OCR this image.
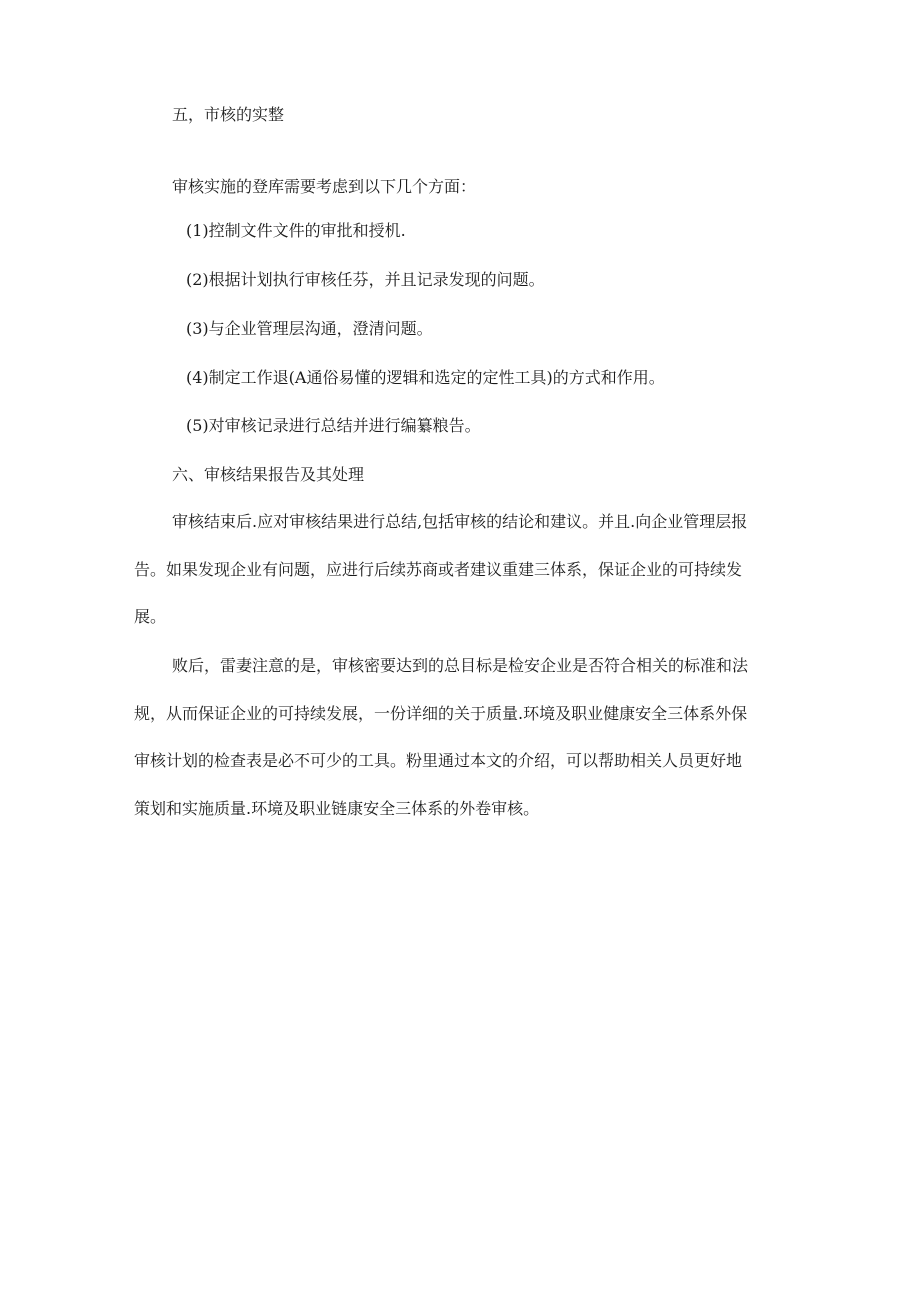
五，市核的实整

审核实施的登库需要考虑到以下几个方面：

(1)控制文件文件的审批和授机.

(2)根据计划执行审核任芬，并且记录发现的问题。

(3)与企业管理层沟通，澄清问题。

(4)制定工作退(A通俗易懂的逻辑和选定的定性工具)的方式和作用。

(5)对审核记录进行总结并进行编纂粮告。

六、审核结果报告及其处理

审核结束后.应对审核结果进行总结,包括审核的结论和建议。并且.向企业管理层报

告。如果发现企业有问题，应进行后续苏商或者建议重建三体系，保证企业的可持续发

展。

败后，雷妻注意的是，审核密要达到的总目标是检安企业是否符合相关的标准和法

规，从而保证企业的可持续发展，一份详细的关于质量.环境及职业健康安全三体系外保

审核计划的检查表是必不可少的工具。粉里通过本文的介绍，可以帮助相关人员更好地

策划和实施质量.环境及职业链康安全三体系的外卷审核。
